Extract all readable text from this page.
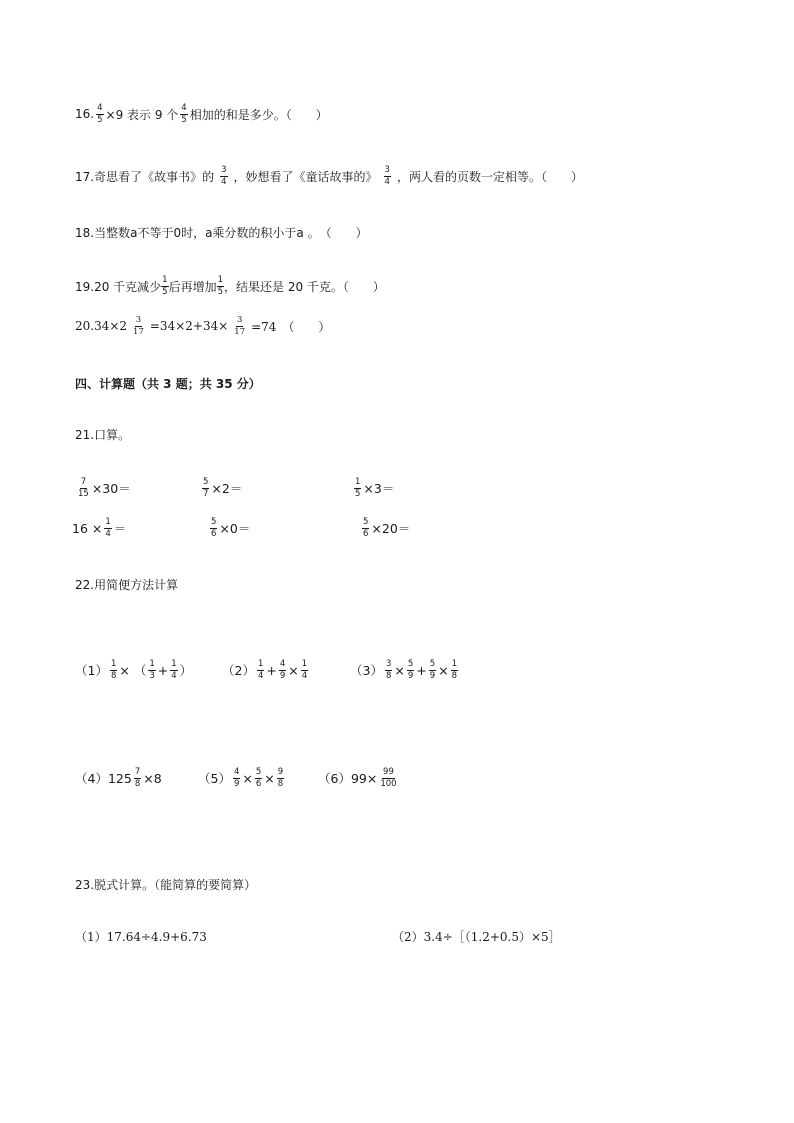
16. $\frac{4}{5} \times 9$ 表示 9 个 $\frac{4}{5}$ 相加的和是多少。（　　）
17.奇思看了《故事书》的 $\frac{3}{4}$ ，妙想看了《童话故事的》 $\frac{3}{4}$ ，两人看的页数一定相等。（　　）
18.当整数a不等于0时，a乘分数的积小于a 。　（　　）
19.20 千克减少 $\frac{1}{5}$ 后再增加 $\frac{1}{5}$ ，结果还是 20 千克。（　　）
$20.34\times 2 \frac{3}{17} =34\times 2+34\times \frac{3}{17} =74$　（　　）
四、计算题（共 3 题；共 35 分）
21.口算。
$\frac{7}{15} \times 30=$	$\frac{5}{7} \times 2=$	$\frac{1}{5} \times 3=$
$16 \times \frac{1}{4}$ ＝	$\frac{5}{6} \times 0=$	$\frac{5}{6} \times 20=$
22.用简便方法计算
$(1) \frac{1}{8}$ × （ $\frac{1}{3} + \frac{1}{4}$ ） $(2) \frac{1}{4} + \frac{4}{9} \times \frac{1}{4}$	$(3) \frac{3}{8} \times \frac{5}{9} + \frac{5}{9} \times \frac{1}{8}$
$(4)125 \frac{7}{8} \times 8$	$(5) \frac{4}{9} \times \frac{5}{6} \times \frac{9}{8}$	$(6)99\times \frac{99}{100}$
23.脱式计算。（能简算的要简算）
（1）17.64÷4.9+6.73	（2）3.4÷［（1.2+0.5）×5］
